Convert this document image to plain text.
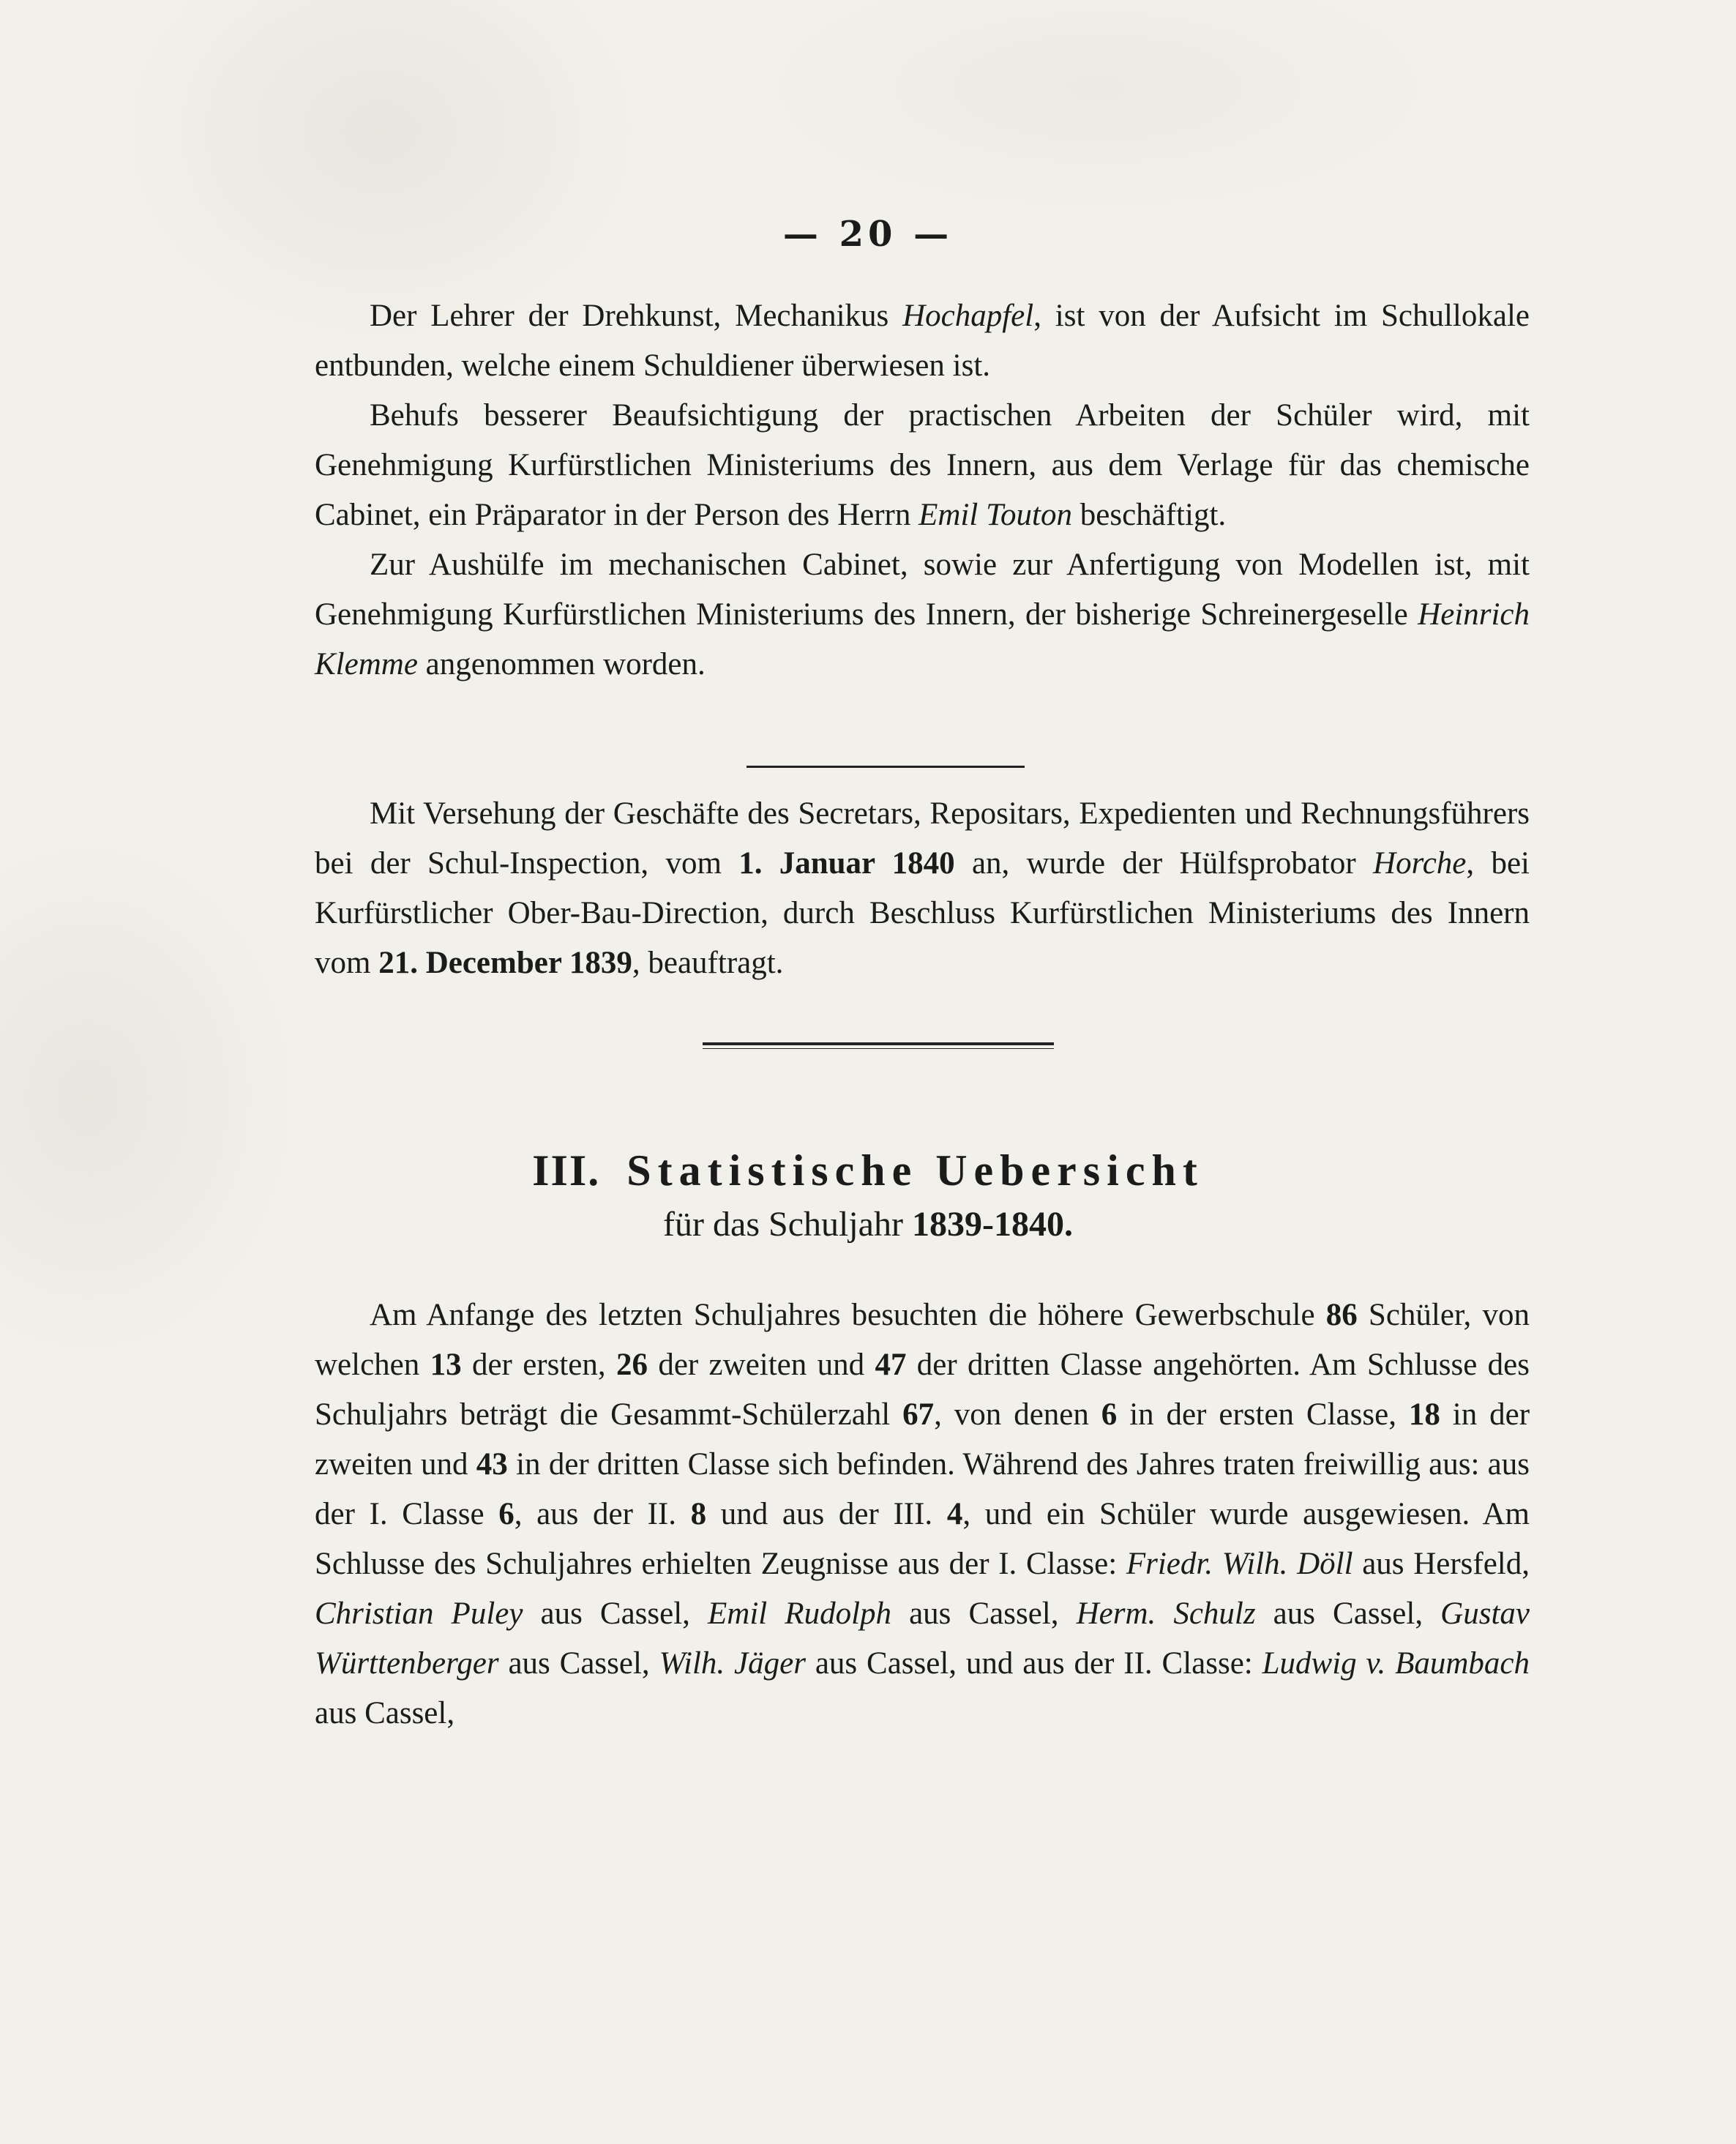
— 20 —

Der Lehrer der Drehkunst, Mechanikus Hochapfel, ist von der Aufsicht im Schullokale entbunden, welche einem Schuldiener überwiesen ist.

Behufs besserer Beaufsichtigung der practischen Arbeiten der Schüler wird, mit Genehmigung Kurfürstlichen Ministeriums des Innern, aus dem Verlage für das chemische Cabinet, ein Präparator in der Person des Herrn Emil Touton beschäftigt.

Zur Aushülfe im mechanischen Cabinet, sowie zur Anfertigung von Modellen ist, mit Genehmigung Kurfürstlichen Ministeriums des Innern, der bisherige Schreinergeselle Heinrich Klemme angenommen worden.

Mit Versehung der Geschäfte des Secretars, Repositars, Expedienten und Rechnungsführers bei der Schul-Inspection, vom 1. Januar 1840 an, wurde der Hülfsprobator Horche, bei Kurfürstlicher Ober-Bau-Direction, durch Beschluss Kurfürstlichen Ministeriums des Innern vom 21. December 1839, beauftragt.

III. Statistische Uebersicht
für das Schuljahr 1839-1840.

Am Anfange des letzten Schuljahres besuchten die höhere Gewerbschule 86 Schüler, von welchen 13 der ersten, 26 der zweiten und 47 der dritten Classe angehörten. Am Schlusse des Schuljahrs beträgt die Gesammt-Schülerzahl 67, von denen 6 in der ersten Classe, 18 in der zweiten und 43 in der dritten Classe sich befinden. Während des Jahres traten freiwillig aus: aus der I. Classe 6, aus der II. 8 und aus der III. 4, und ein Schüler wurde ausgewiesen. Am Schlusse des Schuljahres erhielten Zeugnisse aus der I. Classe: Friedr. Wilh. Döll aus Hersfeld, Christian Puley aus Cassel, Emil Rudolph aus Cassel, Herm. Schulz aus Cassel, Gustav Württenberger aus Cassel, Wilh. Jäger aus Cassel, und aus der II. Classe: Ludwig v. Baumbach aus Cassel,
